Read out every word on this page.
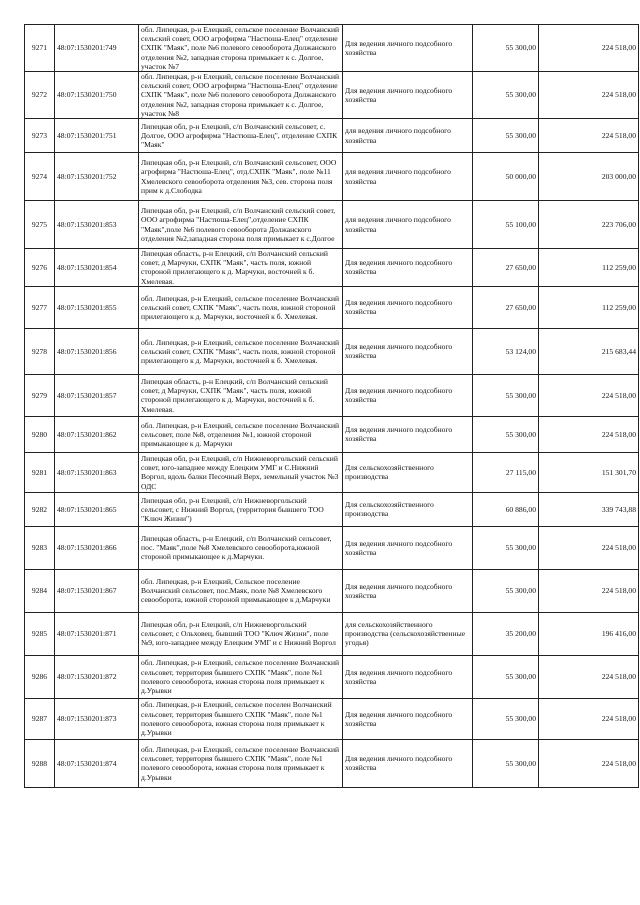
9271	48:07:1530201:749	обл. Липецкая, р-н Елецкий, сельское поселение Волчанский сельский совет, ООО агрофирма "Настюша-Елец" отделение СХПК "Маяк", поле №6 полевого севооборота Должанского отделения №2, западная сторона примыкает к с. Долгое, участок №7	Для ведения личного подсобного хозяйства	55 300,00	224 518,00
9272	48:07:1530201:750	обл. Липецкая, р-н Елецкий, сельское поселение Волчанский сельский совет, ООО агрофирма "Настюша-Елец" отделение СХПК "Маяк", поле №6 полевого севооборота Должанского отделения №2, западная сторона примыкает к с. Долгое, участок №8	Для ведения личного подсобного хозяйства	55 300,00	224 518,00
9273	48:07:1530201:751	Липецкая обл, р-н Елецкий, с/п Волчанский сельсовет, с. Долгое, ООО агрофирма "Настюша-Елец", отделение СХПК "Маяк"	для ведения личного подсобного хозяйства	55 300,00	224 518,00
9274	48:07:1530201:752	Липецкая обл, р-н Елецкий, с/п Волчанский сельсовет, ООО агрофирма "Настюша-Елец", отд.СХПК "Маяк", поле №11 Хмелевского севооборота отделения №3, сев. сторона поля прим к д.Слободка	для ведения личного подсобного хозяйства	50 000,00	203 000,00
9275	48:07:1530201:853	Липецкая обл, р-н Елецкий, с/п Волчанский сельский совет, ООО агрофирма "Настюша-Елец",отделение СХПК "Маяк",поле №6 полевого севооборота Должанского отделения №2,западная сторона поля примыкает к с.Долгое	для ведения личного подсобного хозяйства	55 100,00	223 706,00
9276	48:07:1530201:854	Липецкая область, р-н Елецкий, с/п Волчанский сельский совет, д Марчуки, СХПК "Маяк", часть поля, южной стороной прилегающего к д. Марчуки, восточней к б. Хмелевая.	Для ведения личного подсобного хозяйства	27 650,00	112 259,00
9277	48:07:1530201:855	обл. Липецкая, р-н Елецкий, сельское поселение Волчанский сельский совет, СХПК "Маяк", часть поля, южной стороной прилегающего к д. Марчуки, восточней к б. Хмелевая.	Для ведения личного подсобного хозяйства	27 650,00	112 259,00
9278	48:07:1530201:856	обл. Липецкая, р-н Елецкий, сельское поселение Волчанский сельский совет, СХПК "Маяк", часть поля, южной стороной прилегающего к д. Марчуки, восточней к б. Хмелевая.	Для ведения личного подсобного хозяйства	53 124,00	215 683,44
9279	48:07:1530201:857	Липецкая область, р-н Елецкий, с/п Волчанский сельский совет, д Марчуки, СХПК "Маяк", часть поля, южной стороной прилегающего к д. Марчуки, восточней к б. Хмелевая.	Для ведения личного подсобного хозяйства	55 300,00	224 518,00
9280	48:07:1530201:862	обл. Липецкая, р-н Елецкий, сельское поселение Волчанский сельсовет, поле №8, отделения №1, южной стороной примыкающее к д. Марчуки	Для ведения личного подсобного хозяйства	55 300,00	224 518,00
9281	48:07:1530201:863	Липецкая обл, р-н Елецкий, с/п Нижневоргольский сельский совет, юго-западнее между Елецким УМГ и С.Нижний Воргол, вдоль балки Песочный Верх, земельный участок №3 ОДС	Для сельскохозяйственного производства	27 115,00	151 301,70
9282	48:07:1530201:865	Липецкая обл, р-н Елецкий, с/п Нижневоргольский сельсовет, с Нижний Воргол, (территория бывшего ТОО "Ключ Жизни")	Для сельскохозяйственного производства	60 886,00	339 743,88
9283	48:07:1530201:866	Липецкая область, р-н Елецкий, с/п Волчанский сельсовет, пос. "Маяк",поле №8 Хмелевского севооборота,южной стороной примыкающее к д.Марчуки.	Для ведения личного подсобного хозяйства	55 300,00	224 518,00
9284	48:07:1530201:867	обл. Липецкая, р-н Елецкий, Сельское поселение Волчанский сельсовет, пос.Маяк, поле №8 Хмелевского севооборота, южной стороной примыкающее к д.Марчуки	Для ведения личного подсобного хозяйства	55 300,00	224 518,00
9285	48:07:1530201:871	Липецкая обл, р-н Елецкий, с/п Нижневоргольский сельсовет, с Ольховец, бывший ТОО "Ключ Жизни", поле №9, юго-западнее между Елецким УМГ и с Нижний Воргол	для сельскохозяйственного производства (сельскохозяйственные угодья)	35 200,00	196 416,00
9286	48:07:1530201:872	обл. Липецкая, р-н Елецкий, сельское поселение Волчанский сельсовет, территория бывшего СХПК "Маяк", поле №1 полевого севооборота, южная сторона поля примыкает к д.Урывки	Для ведения личного подсобного хозяйства	55 300,00	224 518,00
9287	48:07:1530201:873	обл. Липецкая, р-н Елецкий, сельское поселен Волчанский сельсовет, территория бывшего СХПК "Маяк", поле №1 полевого севооборота, южная сторона поля примыкает к д.Урывки	Для ведения личного подсобного хозяйства	55 300,00	224 518,00
9288	48:07:1530201:874	обл. Липецкая, р-н Елецкий, сельское поселение Волчанский сельсовет, территория бывшего СХПК "Маяк", поле №1 полевого севооборота, южная сторона поля примыкает к д.Урывки	Для ведения личного подсобного хозяйства	55 300,00	224 518,00
